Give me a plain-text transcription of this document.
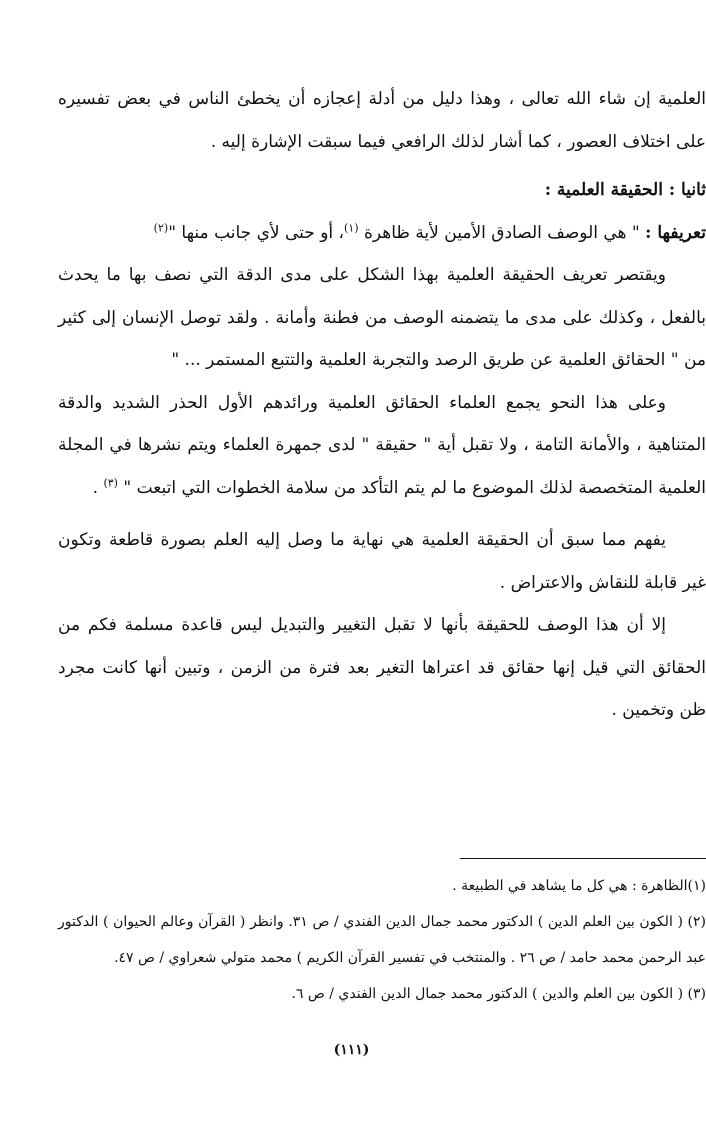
العلمية إن شاء الله تعالى ، وهذا دليل من أدلة إعجازه أن يخطئ الناس في بعض تفسيره على اختلاف العصور ، كما أشار لذلك الرافعي فيما سبقت الإشارة إليه .

ثانيا : الحقيقة العلمية :

تعريفها : " هي الوصف الصادق الأمين لأية ظاهرة $^{(١)}$، أو حتى لأي جانب منها "$^{(٢)}$

ويقتصر تعريف الحقيقة العلمية بهذا الشكل على مدى الدقة التي نصف بها ما يحدث بالفعل ، وكذلك على مدى ما يتضمنه الوصف من فطنة وأمانة . ولقد توصل الإنسان إلى كثير من " الحقائق العلمية عن طريق الرصد والتجربة العلمية والتتبع المستمر ... "

وعلى هذا النحو يجمع العلماء الحقائق العلمية ورائدهم الأول الحذر الشديد والدقة المتناهية ، والأمانة التامة ، ولا تقبل أية " حقيقة " لدى جمهرة العلماء ويتم نشرها في المجلة العلمية المتخصصة لذلك الموضوع ما لم يتم التأكد من سلامة الخطوات التي اتبعت " $^{(٣)}$ .

يفهم مما سبق أن الحقيقة العلمية هي نهاية ما وصل إليه العلم بصورة قاطعة وتكون غير قابلة للنقاش والاعتراض .

إلا أن هذا الوصف للحقيقة بأنها لا تقبل التغيير والتبديل ليس قاعدة مسلمة فكم من الحقائق التي قيل إنها حقائق قد اعتراها التغير بعد فترة من الزمن ، وتبين أنها كانت مجرد ظن وتخمين .

(١)الظاهرة : هي كل ما يشاهد في الطبيعة .

(٢) ( الكون بين العلم الدين ) الدكتور محمد جمال الدين الفندي / ص ٣١. وانظر ( القرآن وعالم الحيوان ) الدكتور عبد الرحمن محمد حامد / ص ٢٦ . والمنتخب في تفسير القرآن الكريم ) محمد متولي شعراوي / ص ٤٧.

(٣) ( الكون بين العلم والدين ) الدكتور محمد جمال الدين الفندي / ص ٦.

(١١١)
